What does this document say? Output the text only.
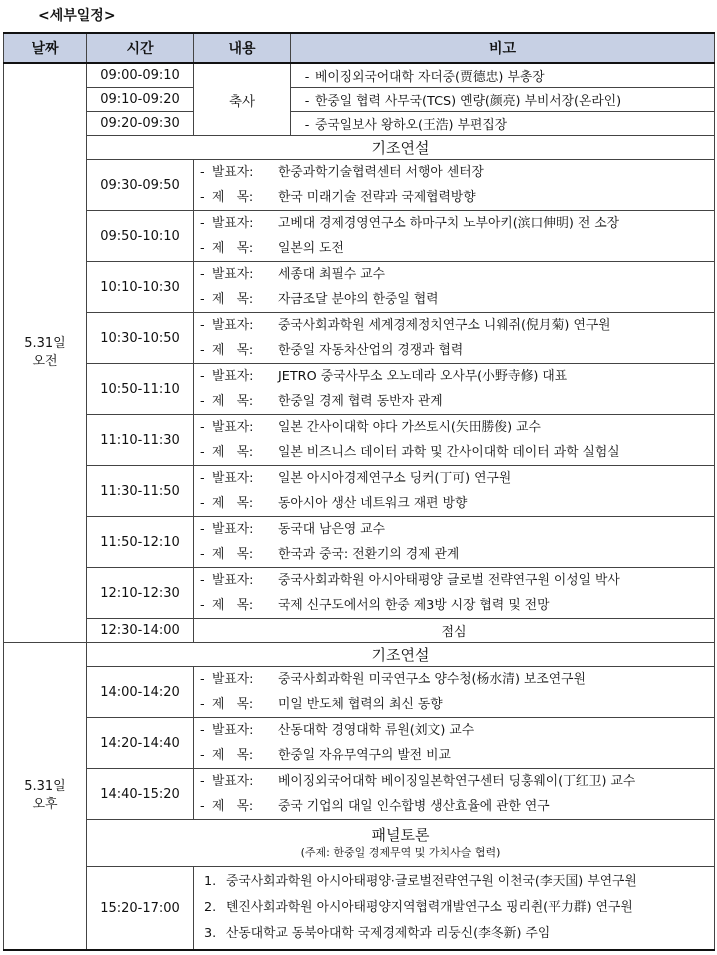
<세부일정>
날짜	시간	내용	비고
5.31일
오전	09:00-09:10	축사	- 베이징외국어대학 자더중(贾德忠) 부총장
	09:10-09:20		- 한중일 협력 사무국(TCS) 옌량(颜亮) 부비서장(온라인)
	09:20-09:30		- 중국일보사 왕하오(王浩) 부편집장
	기조연설		
	09:30-09:50	- 발표자: 한중과학기술협력센터 서행아 센터장
- 제   목: 한국 미래기술 전략과 국제협력방향	

	09:50-10:10	- 발표자: 고베대 경제경영연구소 하마구치 노부아키(滨口伸明) 전 소장
- 제   목: 일본의 도전	

	10:10-10:30	- 발표자: 세종대 최필수 교수
- 제   목: 자금조달 분야의 한중일 협력	

	10:30-10:50	- 발표자: 중국사회과학원 세계경제정치연구소 니웨쥐(倪月菊) 연구원
- 제   목: 한중일 자동차산업의 경쟁과 협력	

	10:50-11:10	- 발표자: JETRO 중국사무소 오노데라 오사무(小野寺修) 대표
- 제   목: 한중일 경제 협력 동반자 관계	

	11:10-11:30	- 발표자: 일본 간사이대학 야다 가쓰토시(矢田勝俊) 교수
- 제   목: 일본 비즈니스 데이터 과학 및 간사이대학 데이터 과학 실험실	

	11:30-11:50	- 발표자: 일본 아시아경제연구소 딩커(丁可) 연구원
- 제   목: 동아시아 생산 네트워크 재편 방향	

	11:50-12:10	- 발표자: 동국대 남은영 교수
- 제   목: 한국과 중국: 전환기의 경제 관계	

	12:10-12:30	- 발표자: 중국사회과학원 아시아태평양 글로벌 전략연구원 이성일 박사
- 제   목: 국제 신구도에서의 한중 제3방 시장 협력 및 전망	

	12:30-14:00	점심	
5.31일
오후	기조연설		
	14:00-14:20	- 발표자: 중국사회과학원 미국연구소 양수청(杨水清) 보조연구원
- 제   목: 미일 반도체 협력의 최신 동향	

	14:20-14:40	- 발표자: 산동대학 경영대학 류원(刘文) 교수
- 제   목: 한중일 자유무역구의 발전 비교	

	14:40-15:20	- 발표자: 베이징외국어대학 베이징일본학연구센터 딩훙웨이(丁红卫) 교수
- 제   목: 중국 기업의 대일 인수합병 생산효율에 관한 연구	

	패널토론
(주제: 한중일 경제무역 및 가치사슬 협력)		

	15:20-17:00	1. 중국사회과학원 아시아태평양·글로벌전략연구원 이천국(李天国) 부연구원
2. 톈진사회과학원 아시아태평양지역협력개발연구소 핑리췬(平力群) 연구원
3. 산동대학교 동북아대학 국제경제학과 리둥신(李冬新) 주임	
